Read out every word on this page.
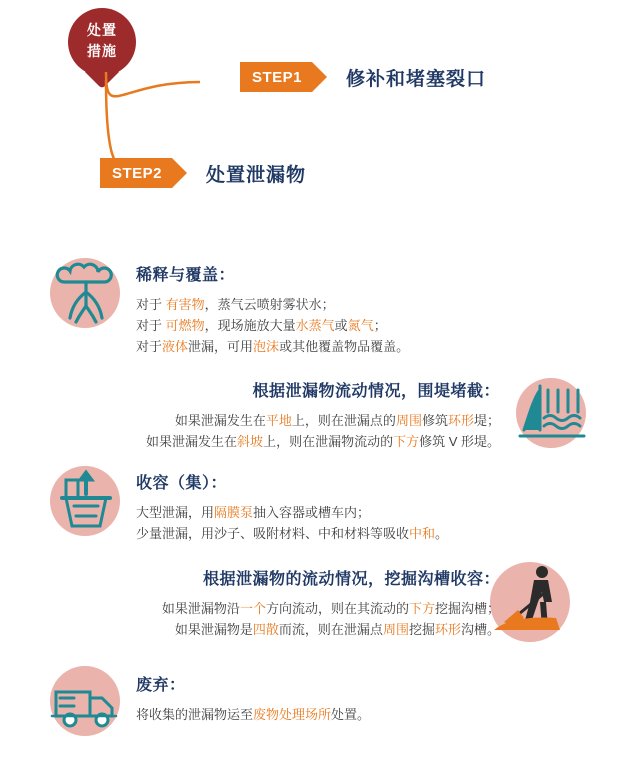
处置
措施
STEP1	修补和堵塞裂口
STEP2	处置泄漏物
稀释与覆盖：
对于 有害物，蒸气云喷射雾状水；
对于 可燃物，现场施放大量水蒸气或氮气；
对于液体泄漏，可用泡沫或其他覆盖物品覆盖。
根据泄漏物流动情况，围堤堵截：
如果泄漏发生在平地上，则在泄漏点的周围修筑环形堤；
如果泄漏发生在斜坡上，则在泄漏物流动的下方修筑 V 形堤。
收容（集）：
大型泄漏，用隔膜泵抽入容器或槽车内；
少量泄漏，用沙子、吸附材料、中和材料等吸收中和。
根据泄漏物的流动情况，挖掘沟槽收容：
如果泄漏物沿一个方向流动，则在其流动的下方挖掘沟槽；
如果泄漏物是四散而流，则在泄漏点周围挖掘环形沟槽。
废弃：
将收集的泄漏物运至废物处理场所处置。
